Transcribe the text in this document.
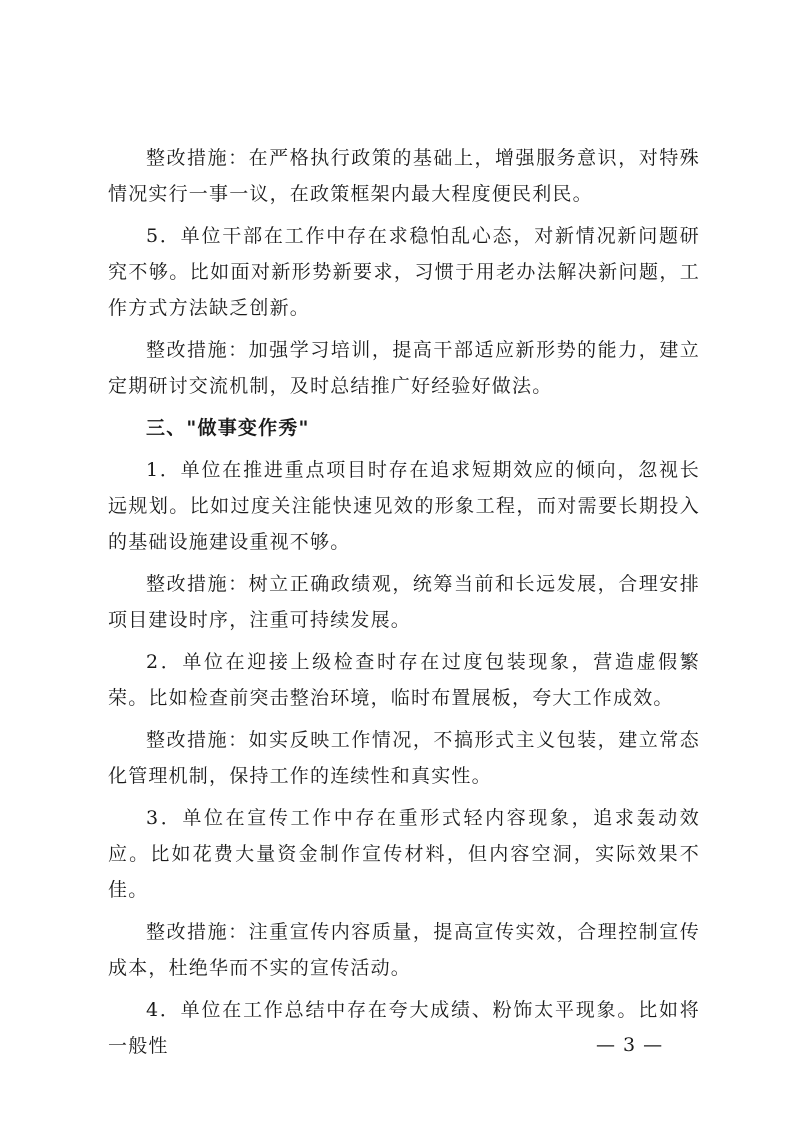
整改措施：在严格执行政策的基础上，增强服务意识，对特殊情况实行一事一议，在政策框架内最大程度便民利民。

5．单位干部在工作中存在求稳怕乱心态，对新情况新问题研究不够。比如面对新形势新要求，习惯于用老办法解决新问题，工作方式方法缺乏创新。

整改措施：加强学习培训，提高干部适应新形势的能力，建立定期研讨交流机制，及时总结推广好经验好做法。

三、"做事变作秀"

1．单位在推进重点项目时存在追求短期效应的倾向，忽视长远规划。比如过度关注能快速见效的形象工程，而对需要长期投入的基础设施建设重视不够。

整改措施：树立正确政绩观，统筹当前和长远发展，合理安排项目建设时序，注重可持续发展。

2．单位在迎接上级检查时存在过度包装现象，营造虚假繁荣。比如检查前突击整治环境，临时布置展板，夸大工作成效。

整改措施：如实反映工作情况，不搞形式主义包装，建立常态化管理机制，保持工作的连续性和真实性。

3．单位在宣传工作中存在重形式轻内容现象，追求轰动效应。比如花费大量资金制作宣传材料，但内容空洞，实际效果不佳。

整改措施：注重宣传内容质量，提高宣传实效，合理控制宣传成本，杜绝华而不实的宣传活动。

4．单位在工作总结中存在夸大成绩、粉饰太平现象。比如将一般性	— 3 —
